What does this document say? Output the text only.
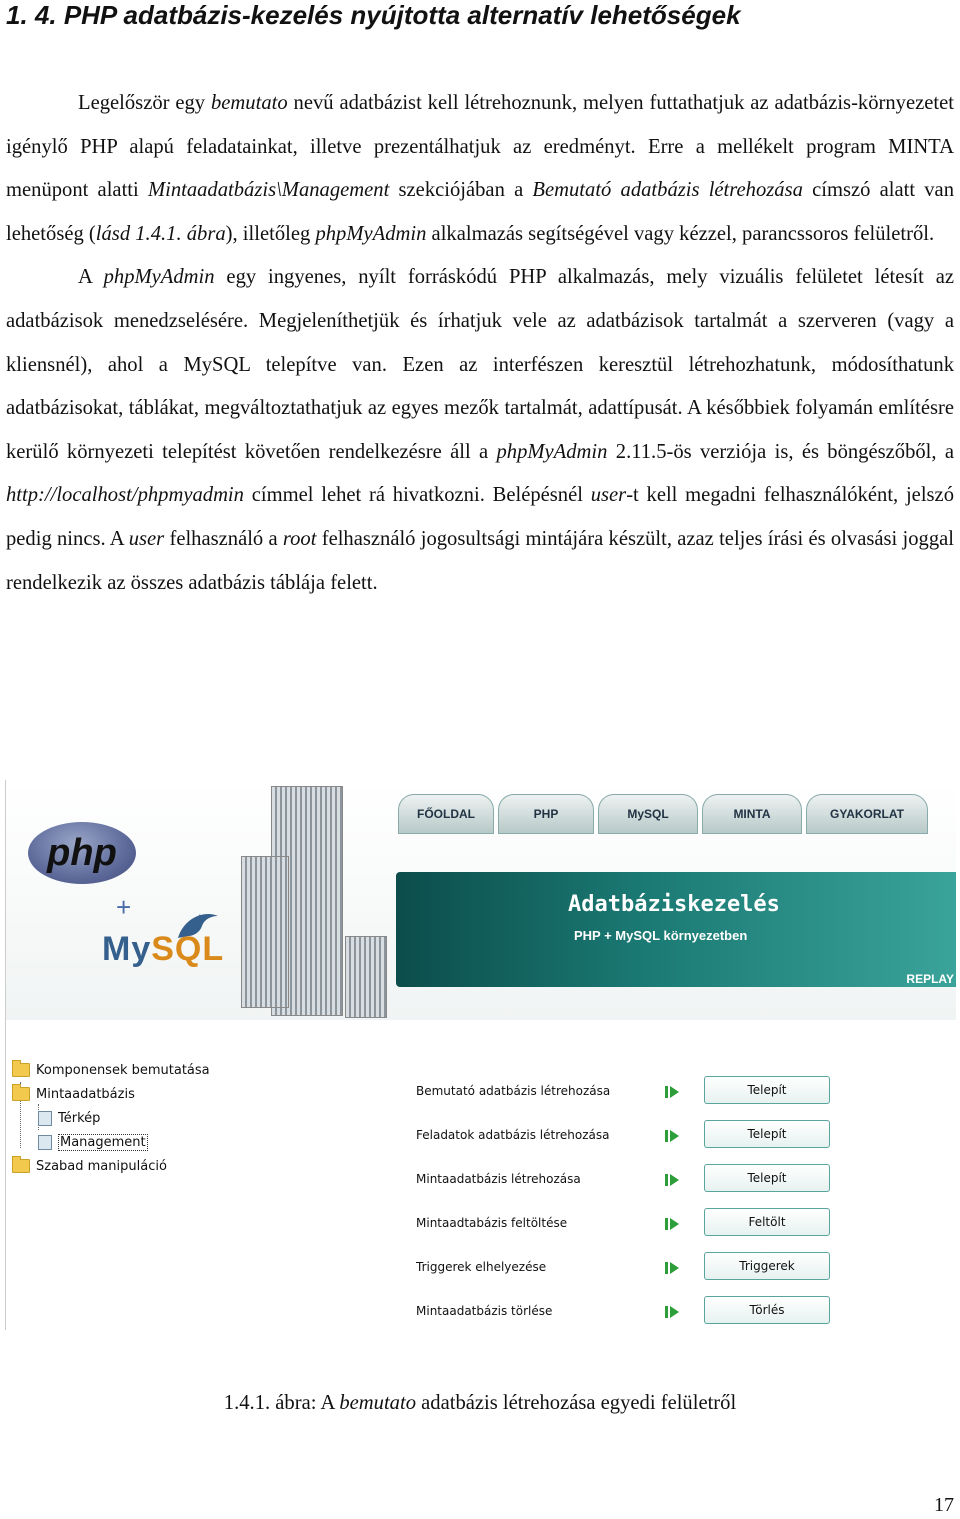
1. 4. PHP adatbázis-kezelés nyújtotta alternatív lehetőségek

Legelőször egy bemutato nevű adatbázist kell létrehoznunk, melyen futtathatjuk az adatbázis-környezetet igénylő PHP alapú feladatainkat, illetve prezentálhatjuk az eredményt. Erre a mellékelt program MINTA menüpont alatti Mintaadatbázis\Management szekciójában a Bemutató adatbázis létrehozása címszó alatt van lehetőség (lásd 1.4.1. ábra), illetőleg phpMyAdmin alkalmazás segítségével vagy kézzel, parancssoros felületről.

A phpMyAdmin egy ingyenes, nyílt forráskódú PHP alkalmazás, mely vizuális felületet létesít az adatbázisok menedzselésére. Megjeleníthetjük és írhatjuk vele az adatbázisok tartalmát a szerveren (vagy a kliensnél), ahol a MySQL telepítve van. Ezen az interfészen keresztül létrehozhatunk, módosíthatunk adatbázisokat, táblákat, megváltoztathatjuk az egyes mezők tartalmát, adattípusát. A későbbiek folyamán említésre kerülő környezeti telepítést követően rendelkezésre áll a phpMyAdmin 2.11.5-ös verziója is, és böngészőből, a http://localhost/phpmyadmin címmel lehet rá hivatkozni. Belépésnél user-t kell megadni felhasználóként, jelszó pedig nincs. A user felhasználó a root felhasználó jogosultsági mintájára készült, azaz teljes írási és olvasási joggal rendelkezik az összes adatbázis táblája felett.

php
+
MySQL
FŐOLDAL	PHP	MySQL	MINTA	GYAKORLAT
Adatbáziskezelés
PHP + MySQL környezetben
REPLAY
Komponensek bemutatása
Mintaadatbázis
Térkép
Management
Szabad manipuláció
Bemutató adatbázis létrehozása	Telepít
Feladatok adatbázis létrehozása	Telepít
Mintaadatbázis létrehozása	Telepít
Mintaadtabázis feltöltése	Feltölt
Triggerek elhelyezése	Triggerek
Mintaadatbázis törlése	Törlés
1.4.1. ábra: A bemutato adatbázis létrehozása egyedi felületről
17
